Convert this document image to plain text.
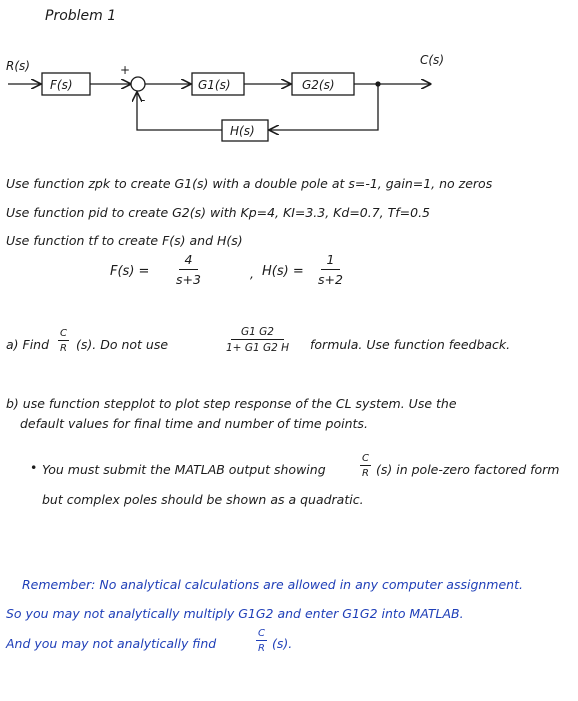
Problem 1
R(s)	C(s)
F(s)	G1(s)	G2(s)
H(s)
+
-
Use function zpk to create G1(s) with a double pole at s=-1, gain=1, no zeros
Use function pid to create G2(s) with Kp=4, KI=3.3, Kd=0.7, Tf=0.5
Use function tf to create F(s) and H(s)
$F(s) = \frac{4}{s+3}$	, $H(s) = \frac{1}{s+2}$
a) Find $\frac{C}{R} (s)$. Do not use	$\frac{G1 G2}{1+ G1 G2 H}$ formula. Use function feedback.
b) use function stepplot to plot step response of the CL system. Use the
default values for final time and number of time points.
• You must submit the MATLAB output showing	$\frac{C}{R} (s)$ in pole-zero factored form
but complex poles should be shown as a quadratic.
Remember: No analytical calculations are allowed in any computer assignment.
So you may not analytically multiply G1G2 and enter G1G2 into MATLAB.
And you may not analytically find	$\frac{C}{R} (s)$.
